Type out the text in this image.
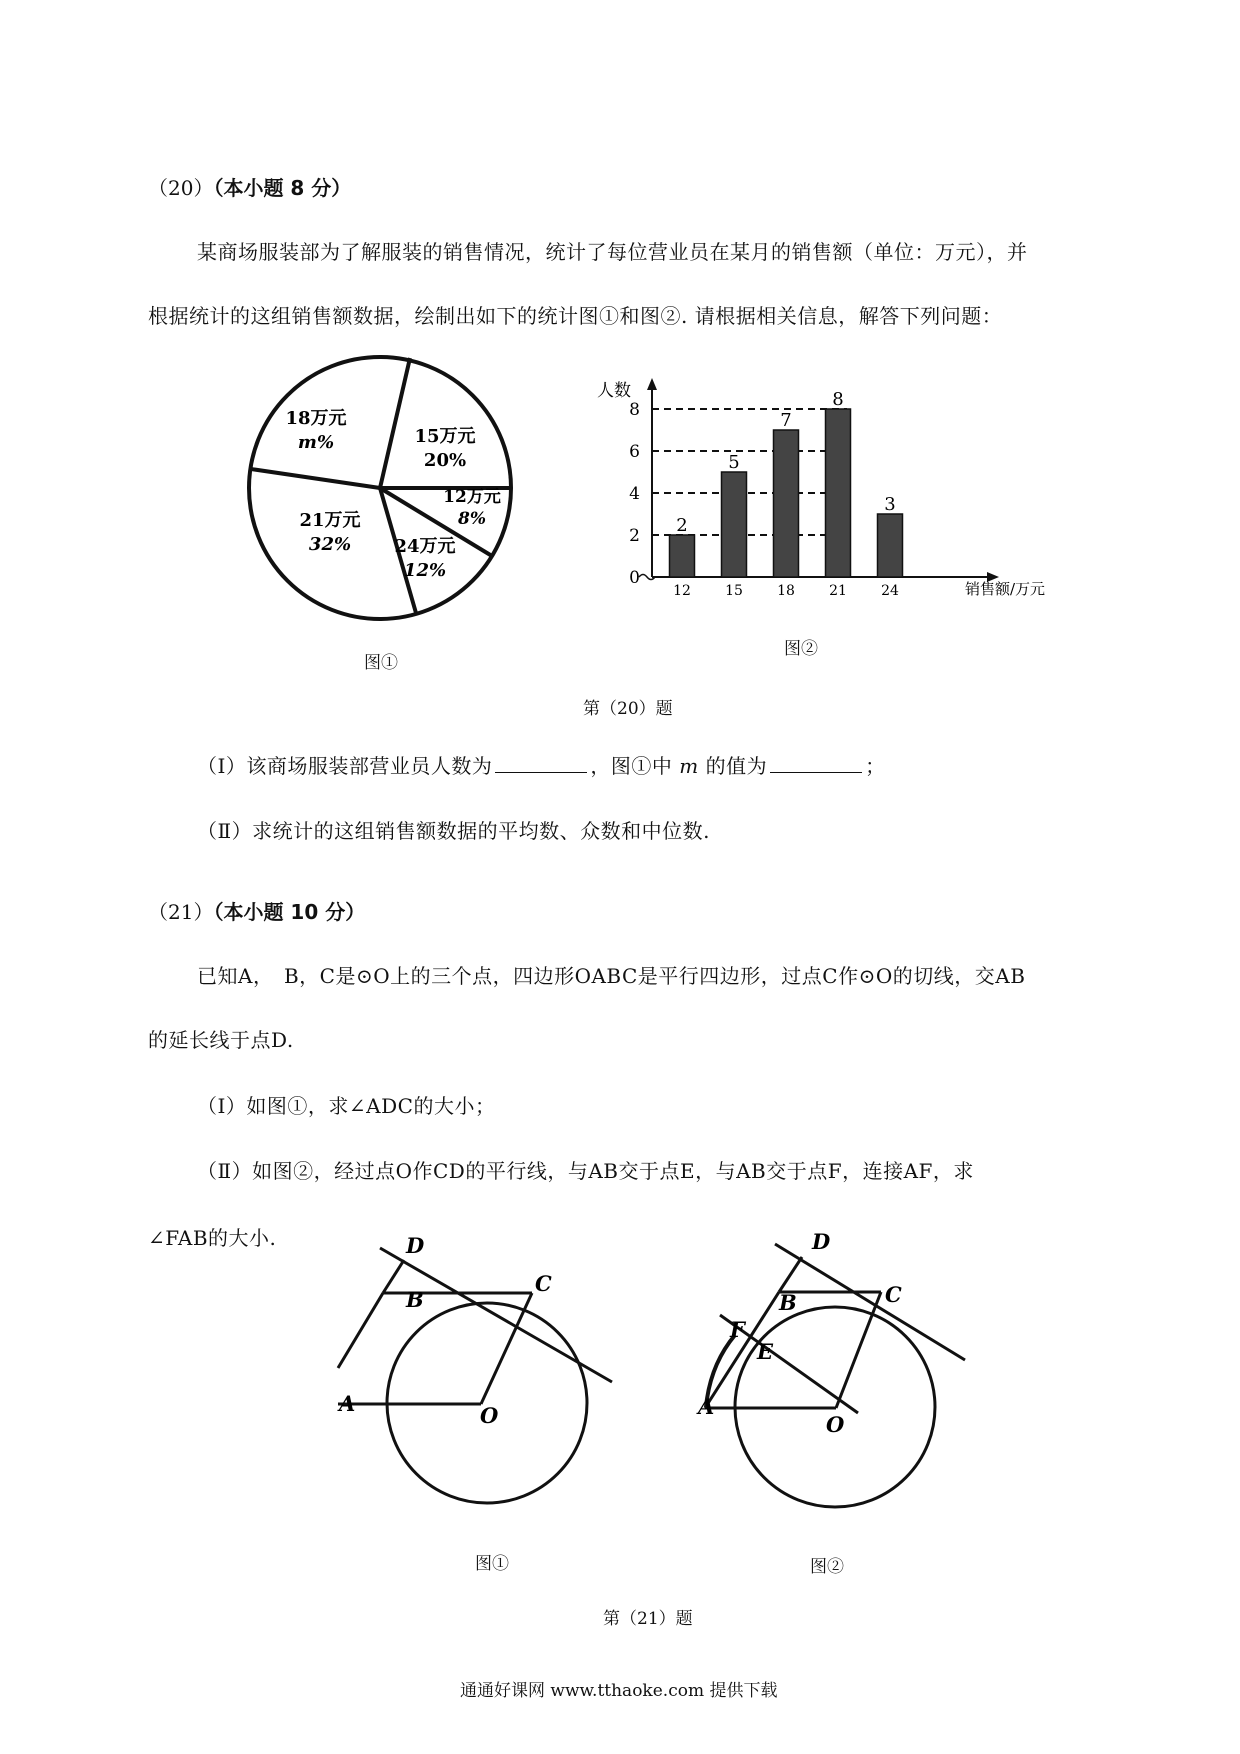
（20）（本小题 8 分）
某商场服装部为了解服装的销售情况，统计了每位营业员在某月的销售额（单位：万元），并
根据统计的这组销售额数据，绘制出如下的统计图①和图②. 请根据相关信息，解答下列问题：
18万元
m%	15万元
20%
12万元
8%
24万元
12%
21万元
32%
图①
人数
销售额/万元
0
2
4
6
8
2
12
5
15
7
18
8
21
3
24
图②
第（20）题
（Ⅰ）该商场服装部营业员人数为	，图①中 m 的值为	；
（Ⅱ）求统计的这组销售额数据的平均数、众数和中位数.
（21）（本小题 10 分）
已知A，　B，C是⊙O上的三个点，四边形OABC是平行四边形，过点C作⊙O的切线，交AB
的延长线于点D.
（Ⅰ）如图①，求∠ADC的大小；
（Ⅱ）如图②，经过点O作CD的平行线，与AB交于点E，与AB交于点F，连接AF，求
∠FAB的大小.	D
B
C
A	O
图①
D
B	C
F
E
A
O
图②
第（21）题
通通好课网 www.tthaoke.com 提供下载
